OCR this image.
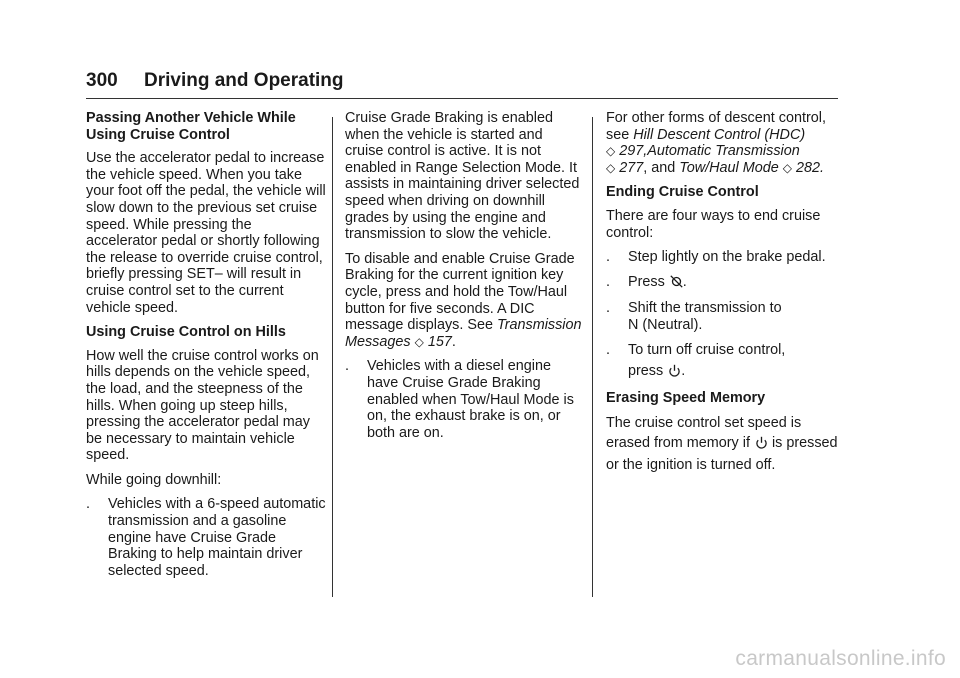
300 Driving and Operating

Passing Another Vehicle While Using Cruise Control

Use the accelerator pedal to increase the vehicle speed. When you take your foot off the pedal, the vehicle will slow down to the previous set cruise speed. While pressing the accelerator pedal or shortly following the release to override cruise control, briefly pressing SET– will result in cruise control set to the current vehicle speed.

Using Cruise Control on Hills

How well the cruise control works on hills depends on the vehicle speed, the load, and the steepness of the hills. When going up steep hills, pressing the accelerator pedal may be necessary to maintain vehicle speed.

While going downhill:

. Vehicles with a 6-speed automatic transmission and a gasoline engine have Cruise Grade Braking to help maintain driver selected speed.

Cruise Grade Braking is enabled when the vehicle is started and cruise control is active. It is not enabled in Range Selection Mode. It assists in maintaining driver selected speed when driving on downhill grades by using the engine and transmission to slow the vehicle.

To disable and enable Cruise Grade Braking for the current ignition key cycle, press and hold the Tow/Haul button for five seconds. A DIC message displays. See Transmission Messages ◇ 157.

. Vehicles with a diesel engine have Cruise Grade Braking enabled when Tow/Haul Mode is on, the exhaust brake is on, or both are on.

For other forms of descent control, see Hill Descent Control (HDC)
◇ 297,Automatic Transmission
◇ 277, and Tow/Haul Mode ◇ 282.

Ending Cruise Control

There are four ways to end cruise control:

. Step lightly on the brake pedal.
. Press .
. Shift the transmission to
N (Neutral).
. To turn off cruise control,
press .

Erasing Speed Memory

The cruise control set speed is erased from memory if  is pressed or the ignition is turned off.

carmanualsonline.info
